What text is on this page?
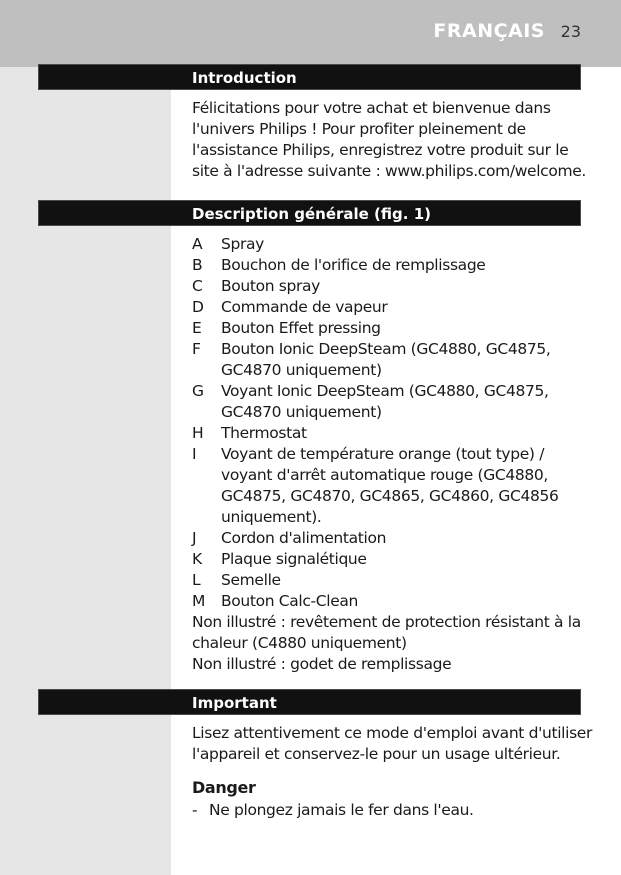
FRANÇAIS 23
Introduction

Félicitations pour votre achat et bienvenue dans

l'univers Philips ! Pour profiter pleinement de

l'assistance Philips, enregistrez votre produit sur le

site à l'adresse suivante : www.philips.com/welcome.

Description générale (fig. 1)
A	Spray
B	Bouchon de l'orifice de remplissage
C	Bouton spray
D	Commande de vapeur
E	Bouton Effet pressing
F	Bouton Ionic DeepSteam (GC4880, GC4875, GC4870 uniquement)
G	Voyant Ionic DeepSteam (GC4880, GC4875, GC4870 uniquement)
H	Thermostat
I	Voyant de température orange (tout type) / voyant d'arrêt automatique rouge (GC4880, GC4875, GC4870, GC4865, GC4860, GC4856 uniquement).
J	Cordon d'alimentation
K	Plaque signalétique
L	Semelle
M	Bouton Calc-Clean

Non illustré : revêtement de protection résistant à la chaleur (C4880 uniquement)

Non illustré : godet de remplissage

Important

Lisez attentivement ce mode d'emploi avant d'utiliser

l'appareil et conservez-le pour un usage ultérieur.

Danger
- Ne plongez jamais le fer dans l'eau.
